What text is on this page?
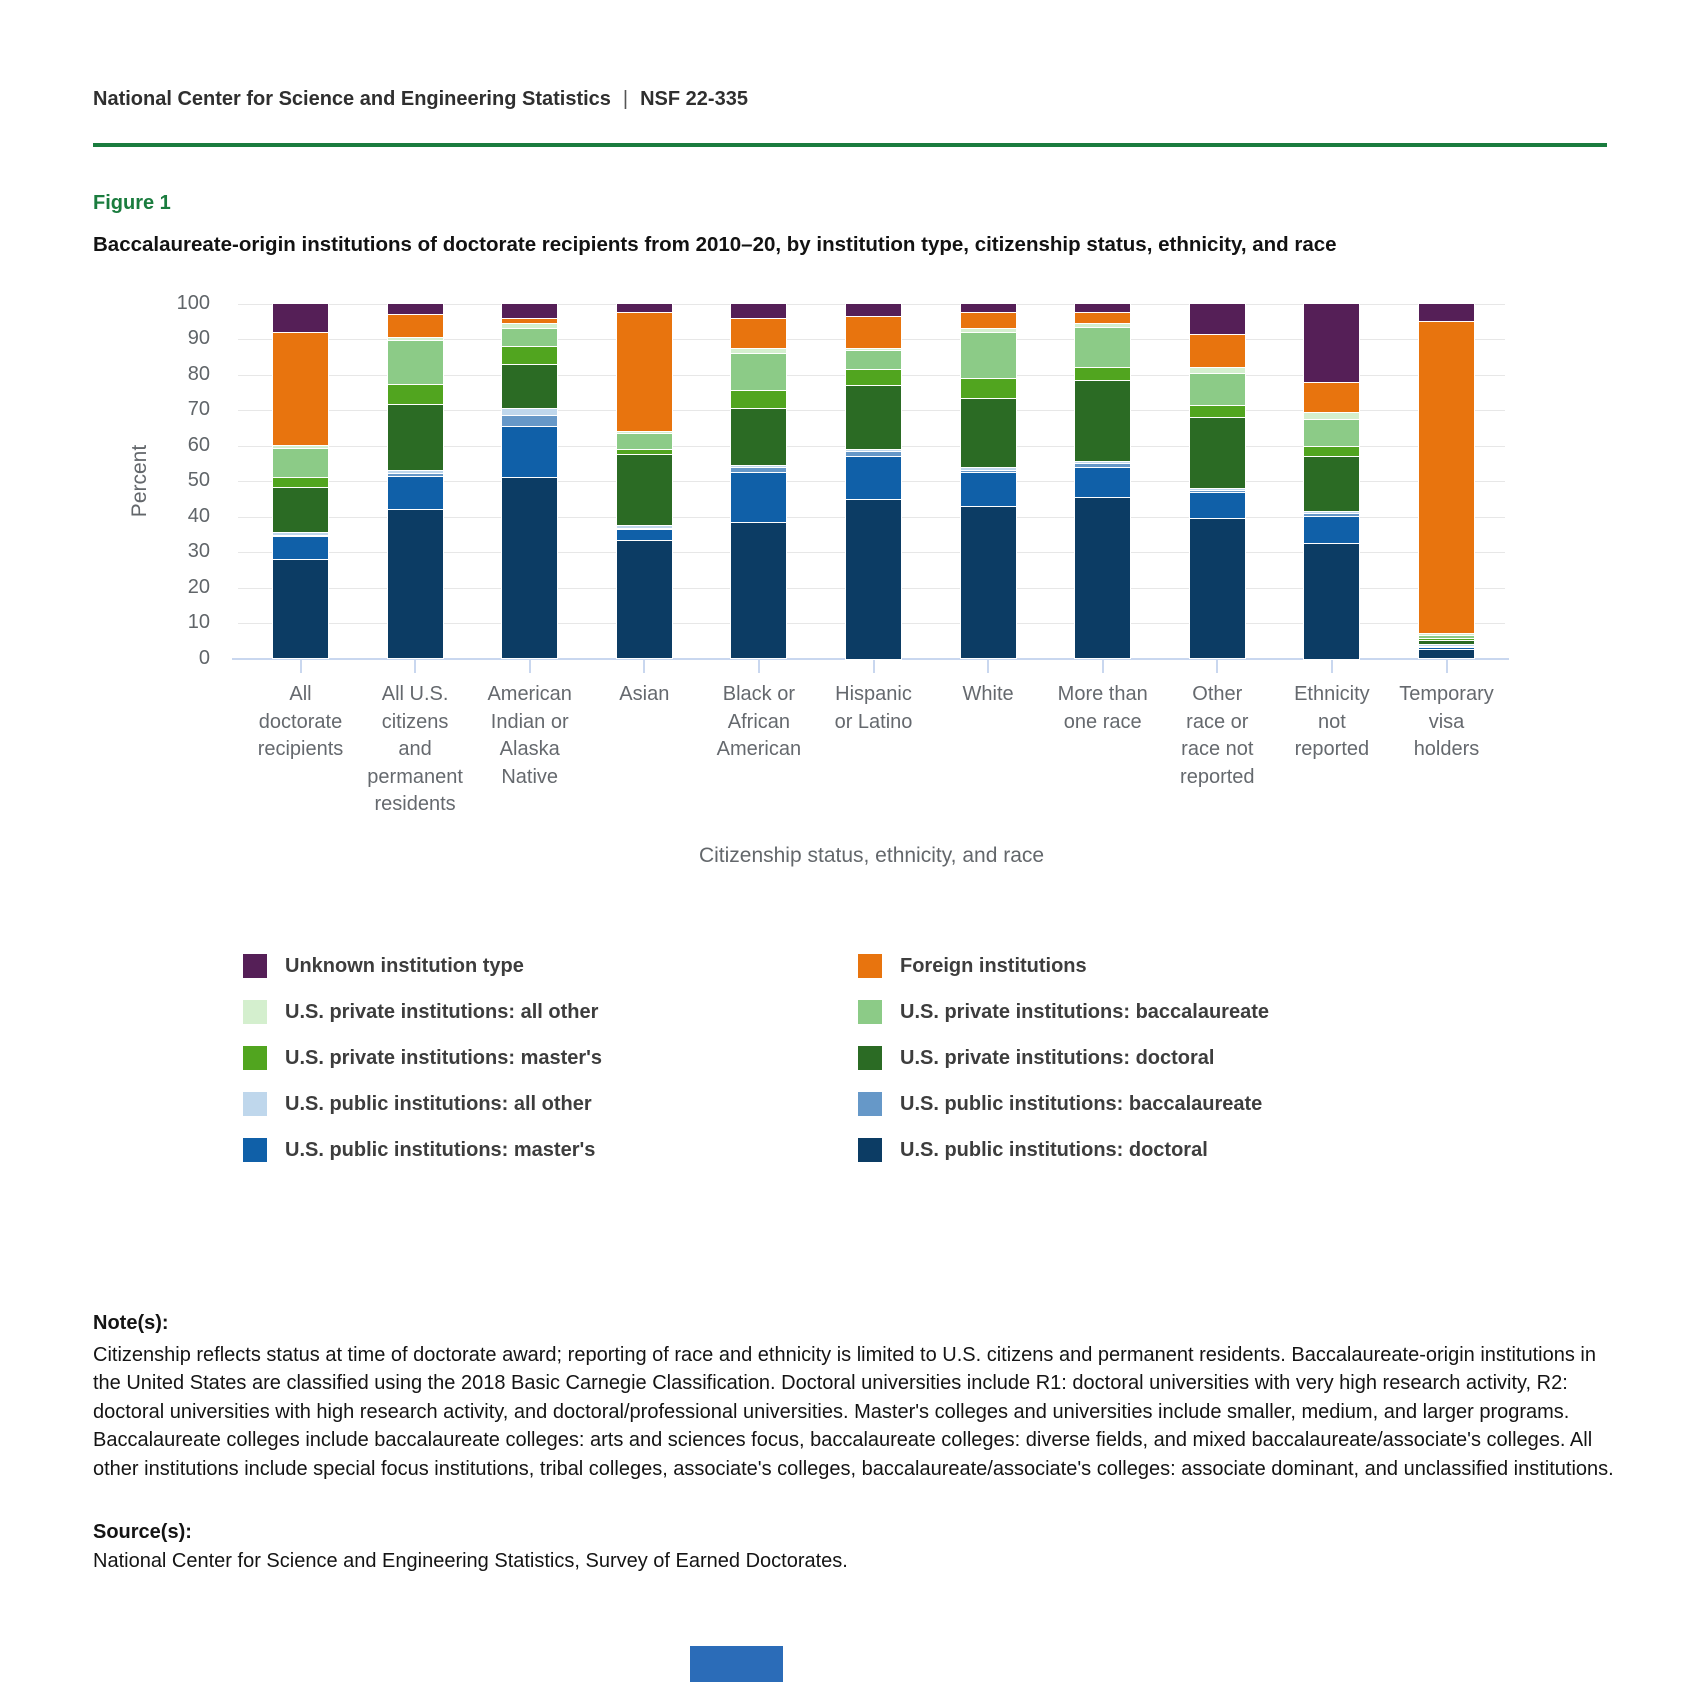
National Center for Science and Engineering Statistics | NSF 22-335
Figure 1
Baccalaureate-origin institutions of doctorate recipients from 2010–20, by institution type, citizenship status, ethnicity, and race
Percent
Citizenship status, ethnicity, and race
0
10
20
30
40
50
60
70
80
90
100
All
doctorate
recipients
All U.S.
citizens
and
permanent
residents
American
Indian or
Alaska
Native
Asian	Black or
African
American
Hispanic
or Latino
White	More than
one race
Other
race or
race not
reported
Ethnicity
not
reported
Temporary
visa
holders
Unknown institution type
U.S. private institutions: all other
U.S. private institutions: master's
U.S. public institutions: all other
U.S. public institutions: master's
Foreign institutions
U.S. private institutions: baccalaureate
U.S. private institutions: doctoral
U.S. public institutions: baccalaureate
U.S. public institutions: doctoral
Note(s):
Citizenship reflects status at time of doctorate award; reporting of race and ethnicity is limited to U.S. citizens and permanent residents. Baccalaureate-origin institutions in the United States are classified using the 2018 Basic Carnegie Classification. Doctoral universities include R1: doctoral universities with very high research activity, R2: doctoral universities with high research activity, and doctoral/professional universities. Master's colleges and universities include smaller, medium, and larger programs. Baccalaureate colleges include baccalaureate colleges: arts and sciences focus, baccalaureate colleges: diverse fields, and mixed baccalaureate/associate's colleges. All other institutions include special focus institutions, tribal colleges, associate's colleges, baccalaureate/associate's colleges: associate dominant, and unclassified institutions.
Source(s):
National Center for Science and Engineering Statistics, Survey of Earned Doctorates.
